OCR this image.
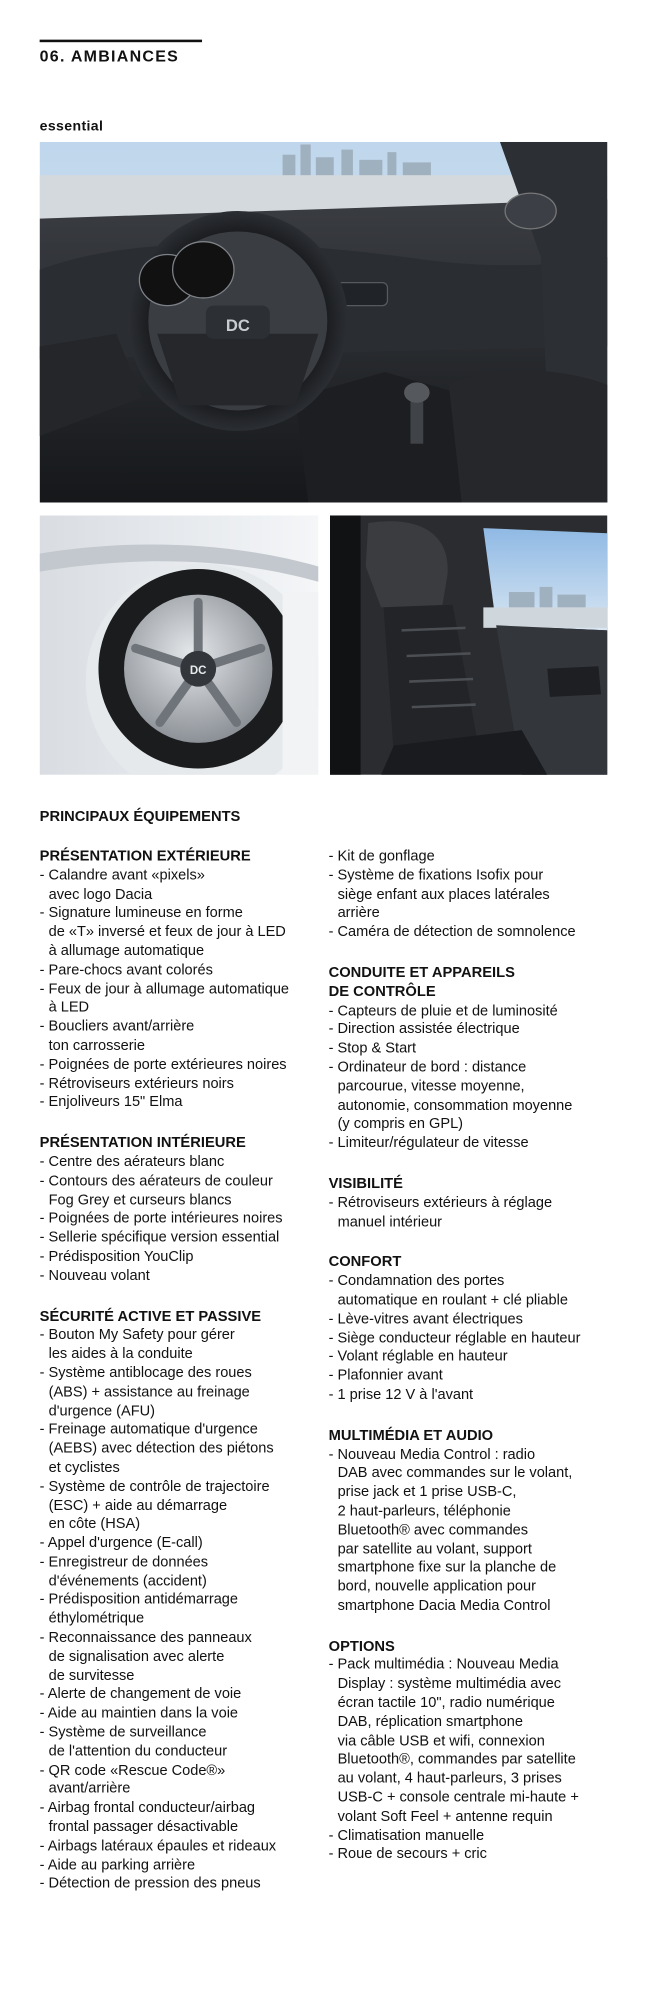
06. AMBIANCES
essential
DC
DC
PRINCIPAUX ÉQUIPEMENTS
PRÉSENTATION EXTÉRIEURE
- Calandre avant «pixels»
avec logo Dacia
- Signature lumineuse en forme
de «T» inversé et feux de jour à LED
à allumage automatique
- Pare-chocs avant colorés
- Feux de jour à allumage automatique
à LED
- Boucliers avant/arrière
ton carrosserie
- Poignées de porte extérieures noires
- Rétroviseurs extérieurs noirs
- Enjoliveurs 15" Elma
PRÉSENTATION INTÉRIEURE
- Centre des aérateurs blanc
- Contours des aérateurs de couleur
Fog Grey et curseurs blancs
- Poignées de porte intérieures noires
- Sellerie spécifique version essential
- Prédisposition YouClip
- Nouveau volant
SÉCURITÉ ACTIVE ET PASSIVE
- Bouton My Safety pour gérer
les aides à la conduite
- Système antiblocage des roues
(ABS) + assistance au freinage
d'urgence (AFU)
- Freinage automatique d'urgence
(AEBS) avec détection des piétons
et cyclistes
- Système de contrôle de trajectoire
(ESC) + aide au démarrage
en côte (HSA)
- Appel d'urgence (E-call)
- Enregistreur de données
d'événements (accident)
- Prédisposition antidémarrage
éthylométrique
- Reconnaissance des panneaux
de signalisation avec alerte
de survitesse
- Alerte de changement de voie
- Aide au maintien dans la voie
- Système de surveillance
de l'attention du conducteur
- QR code «Rescue Code®»
avant/arrière
- Airbag frontal conducteur/airbag
frontal passager désactivable
- Airbags latéraux épaules et rideaux
- Aide au parking arrière
- Détection de pression des pneus
- Kit de gonflage
- Système de fixations Isofix pour
siège enfant aux places latérales
arrière
- Caméra de détection de somnolence
CONDUITE ET APPAREILS
DE CONTRÔLE
- Capteurs de pluie et de luminosité
- Direction assistée électrique
- Stop & Start
- Ordinateur de bord : distance
parcourue, vitesse moyenne,
autonomie, consommation moyenne
(y compris en GPL)
- Limiteur/régulateur de vitesse
VISIBILITÉ
- Rétroviseurs extérieurs à réglage
manuel intérieur
CONFORT
- Condamnation des portes
automatique en roulant + clé pliable
- Lève-vitres avant électriques
- Siège conducteur réglable en hauteur
- Volant réglable en hauteur
- Plafonnier avant
- 1 prise 12 V à l'avant
MULTIMÉDIA ET AUDIO
- Nouveau Media Control : radio
DAB avec commandes sur le volant,
prise jack et 1 prise USB-C,
2 haut-parleurs, téléphonie
Bluetooth® avec commandes
par satellite au volant, support
smartphone fixe sur la planche de
bord, nouvelle application pour
smartphone Dacia Media Control
OPTIONS
- Pack multimédia : Nouveau Media
Display : système multimédia avec
écran tactile 10", radio numérique
DAB, réplication smartphone
via câble USB et wifi, connexion
Bluetooth®, commandes par satellite
au volant, 4 haut-parleurs, 3 prises
USB-C + console centrale mi-haute +
volant Soft Feel + antenne requin
- Climatisation manuelle
- Roue de secours + cric
